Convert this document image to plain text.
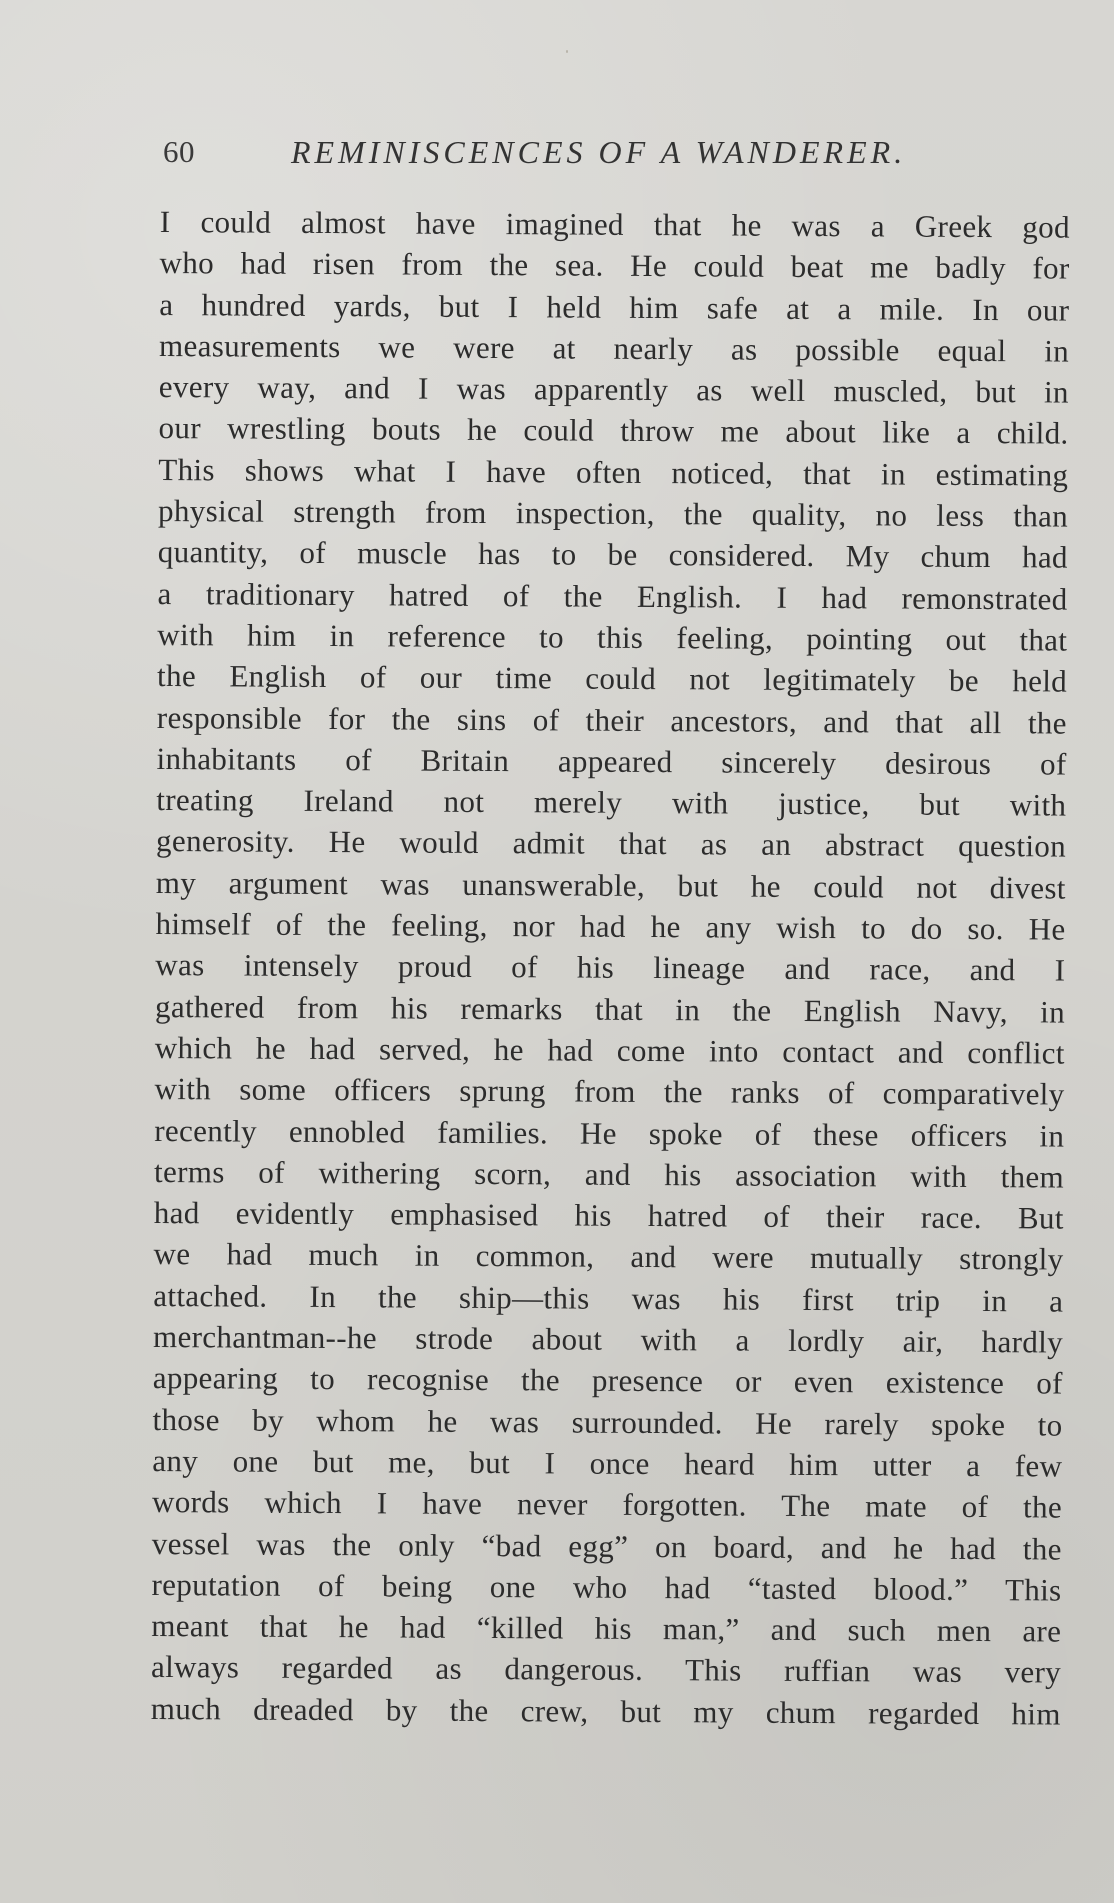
60	REMINISCENCES OF A WANDERER.
I could almost have imagined that he was a Greek god
who had risen from the sea. He could beat me badly for
a hundred yards, but I held him safe at a mile. In our
measurements we were at nearly as possible equal in
every way, and I was apparently as well muscled, but in
our wrestling bouts he could throw me about like a child.
This shows what I have often noticed, that in estimating
physical strength from inspection, the quality, no less than
quantity, of muscle has to be considered. My chum had
a traditionary hatred of the English. I had remonstrated
with him in reference to this feeling, pointing out that
the English of our time could not legitimately be held
responsible for the sins of their ancestors, and that all the
inhabitants of Britain appeared sincerely desirous of
treating Ireland not merely with justice, but with
generosity. He would admit that as an abstract question
my argument was unanswerable, but he could not divest
himself of the feeling, nor had he any wish to do so. He
was intensely proud of his lineage and race, and I
gathered from his remarks that in the English Navy, in
which he had served, he had come into contact and conflict
with some officers sprung from the ranks of comparatively
recently ennobled families. He spoke of these officers in
terms of withering scorn, and his association with them
had evidently emphasised his hatred of their race. But
we had much in common, and were mutually strongly
attached. In the ship—this was his first trip in a
merchantman--he strode about with a lordly air, hardly
appearing to recognise the presence or even existence of
those by whom he was surrounded. He rarely spoke to
any one but me, but I once heard him utter a few
words which I have never forgotten. The mate of the
vessel was the only “bad egg” on board, and he had the
reputation of being one who had “tasted blood.” This
meant that he had “killed his man,” and such men are
always regarded as dangerous. This ruffian was very
much dreaded by the crew, but my chum regarded him
